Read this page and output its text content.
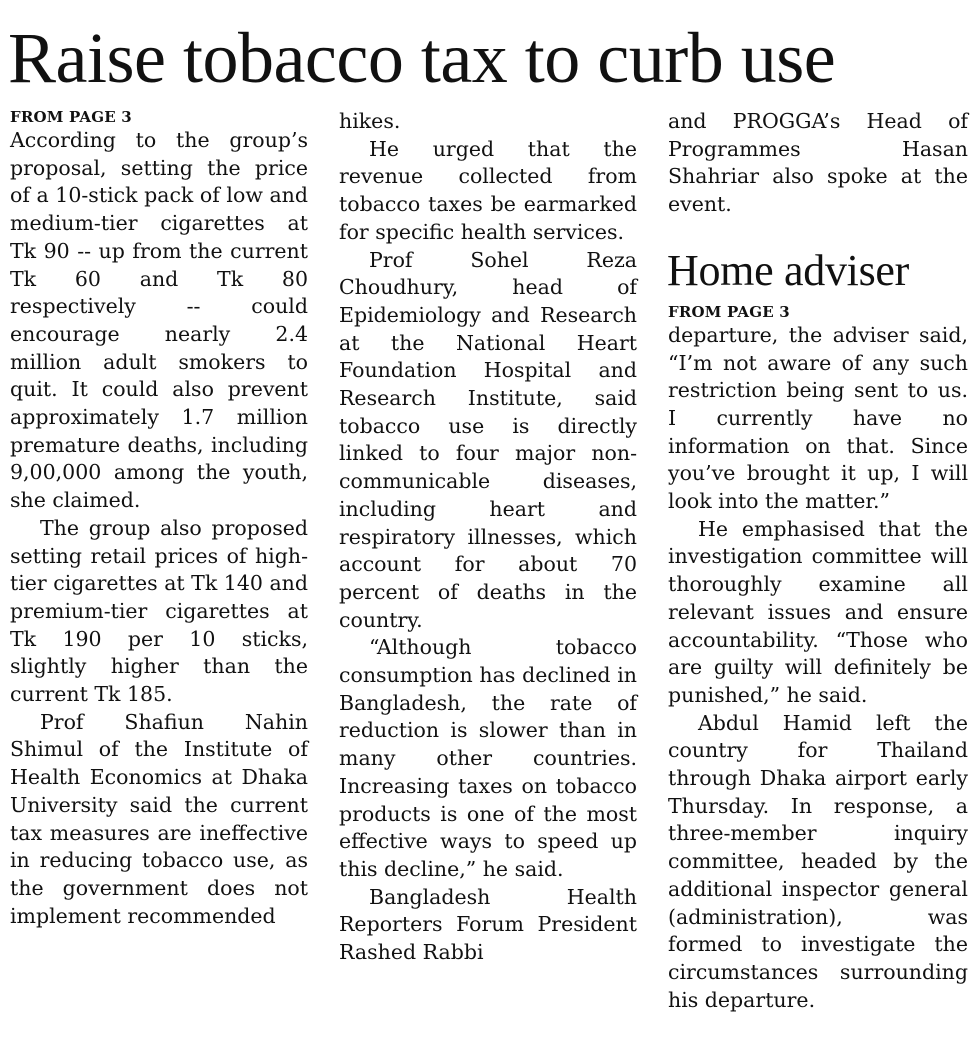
Raise tobacco tax to curb use
FROM PAGE 3

According to the group’s proposal, setting the price of a 10-stick pack of low and medium-tier cigarettes at Tk 90 -- up from the current Tk 60 and Tk 80 respectively -- could encourage nearly 2.4 million adult smokers to quit. It could also prevent approximately 1.7 million premature deaths, including 9,00,000 among the youth, she claimed.

The group also proposed setting retail prices of high-tier cigarettes at Tk 140 and premium-tier cigarettes at Tk 190 per 10 sticks, slightly higher than the current Tk 185.

Prof Shafiun Nahin Shimul of the Institute of Health Economics at Dhaka University said the current tax measures are ineffective in reducing tobacco use, as the government does not implement recommended

hikes.

He urged that the revenue collected from tobacco taxes be earmarked for specific health services.

Prof Sohel Reza Choudhury, head of Epidemiology and Research at the National Heart Foundation Hospital and Research Institute, said tobacco use is directly linked to four major non-communicable diseases, including heart and respiratory illnesses, which account for about 70 percent of deaths in the country.

“Although tobacco consumption has declined in Bangladesh, the rate of reduction is slower than in many other countries. Increasing taxes on tobacco products is one of the most effective ways to speed up this decline,” he said.

Bangladesh Health Reporters Forum President Rashed Rabbi

and PROGGA’s Head of Programmes Hasan Shahriar also spoke at the event.

Home adviser
FROM PAGE 3

departure, the adviser said, “I’m not aware of any such restriction being sent to us. I currently have no information on that. Since you’ve brought it up, I will look into the matter.”

He emphasised that the investigation committee will thoroughly examine all relevant issues and ensure accountability. “Those who are guilty will definitely be punished,” he said.

Abdul Hamid left the country for Thailand through Dhaka airport early Thursday. In response, a three-member inquiry committee, headed by the additional inspector general (administration), was formed to investigate the circumstances surrounding his departure.
